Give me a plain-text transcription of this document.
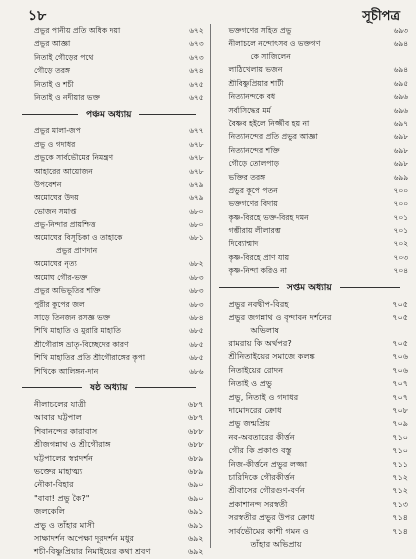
১৮	সূচীপত্র
প্রভুর পানীয় প্রতি অধিক দয়া	৬৭২
প্রভুর আজ্ঞা	৬৭৩
নিতাই গৌড়ের পথে	৬৭৩
গৌড়ে তরঙ্গ	৬৭৪
নিতাই ও শচী	৬৭৫
নিতাই ও নদীয়ার ভক্ত	৬৭৫
পঞ্চম অধ্যায়
প্রভুর মালা-জপ	৬৭৭
প্রভু ও গদাধর	৬৭৮
প্রভুকে সার্বভৌমের নিমন্ত্রণ	৬৭৮
আহারের আয়োজন	৬৭৮
উপবেশন	৬৭৯
অমোঘের উদয়	৬৭৯
ভোজন সমাপ্ত	৬৮০
প্রভু-নিন্দার প্রায়শ্চিত্ত	৬৮০
অমোঘের বিসূচিকা ও তাহাকে
প্রভুর প্রাণদান
৬৮১
অমোঘের নৃত্য	৬৮২
অমোঘ গৌর-ভক্ত	৬৮৩
প্রভুর অভিভূতির শক্তি	৬৮৩
পুরীর কুপের জল	৬৮৩
সাড়ে তিনজন রসজ্ঞ ভক্ত	৬৮৪
শিখি মাহাতি ও মুরারি মাহাতি	৬৮৫
শ্রীগৌরাঙ্গ ভ্রাতৃ-বিচ্ছেদের কারণ	৬৮৫
শিখি মাহাতির প্রতি শ্রীগৌরাঙ্গের কৃপা	৬৮৫
শিখিকে আলিঙ্গন-দান	৬৮৬
ষষ্ঠ অধ্যায়
নীলাচলের যাত্রী	৬৮৭
আবার ঘট্টপাল	৬৮৭
শিবানন্দের কারাবাস	৬৮৮
শ্রীজগন্নাথ ও শ্রীগৌরাঙ্গ	৬৮৮
ঘট্টপালের স্বপ্নদর্শন	৬৮৯
ভক্তের মাহাত্ম্য	৬৮৯
নৌকা-বিহার	৬৯০
"বাবা! প্রভু কৈ?"	৬৯০
জলকেলি	৬৯১
প্রভু ও তাঁহার মাসী	৬৯১
সাক্ষাদর্শন অপেক্ষা দূরদর্শন মধুর	৬৯২
শচী-বিষ্ণুপ্রিয়ার নিমাইয়ের কথা শ্রবণ	৬৯২
ভক্তগণের সহিত প্রভু	৬৯৩
নীলাচলে নন্দোৎসব ও ভক্তগণ
কে সাজিলেন
৬৯৪
লাঠিখেলায় ভজন	৬৯৪
শ্রীবিষ্ণুপ্রিয়ার শাটী	৬৯৫
নিত্যানন্দকে বধ	৬৯৬
সর্বাসিদ্ধের মর্ম	৬৯৬
বৈষ্ণব হইলে নির্জ্জীব হয় না	৬৯৭
নিত্যানন্দের প্রতি প্রভুর আজ্ঞা	৬৯৮
নিত্যানন্দের শক্তি	৬৯৮
গৌড়ে তোলপাড়	৬৯৮
ভক্তির তরঙ্গ	৬৯৯
প্রভুর কূপে পতন	৭০০
ভক্তগণের বিদায়	৭০০
কৃষ্ণ-বিরহে ভক্ত-বিরহ দমন	৭০১
গম্ভীরায় লীলারম্ভ	৭০১
দিব্যোন্মাদ	৭০২
কৃষ্ণ-বিরহে প্রাণ যায়	৭০৩
কৃষ্ণ-নিন্দা করিও না	৭০৪
সপ্তম অধ্যায়
প্রভুর নবদ্বীপ-বিরহ	৭০৫
প্রভুর জগন্নাথ ও বৃন্দাবন দর্শনের
অভিলাষ
৭০৫
রামরায় কি অর্থপর?	৭০৫
শ্রীনিতাইয়ের সমাজে কলঙ্ক	৭০৬
নিতাইয়ের রোদন	৭০৬
নিতাই ও প্রভু	৭০৭
প্রভু, নিতাই ও গদাধর	৭০৭
দামোদরের ক্রোধ	৭০৮
প্রভু জন্মপ্রিয়	৭০৯
নব-অবতারের কীর্ত্তন	৭১০
গৌর কি প্রকাণ্ড বস্তু	৭১০
নিজ-কীর্ত্তনে প্রভুর লজ্জা	৭১১
চারিদিকে গৌরকীর্ত্তন	৭১২
শ্রীবাসের গৌরগুণ-বর্ণন	৭১২
প্রকাশানন্দ সরস্বতী	৭১৩
সরস্বতীর প্রভুর উপর ক্রোধ	৭১৪
সার্বভৌমের কাশী গমন ও
তাঁহার অভিপ্রায়
৭১৪
